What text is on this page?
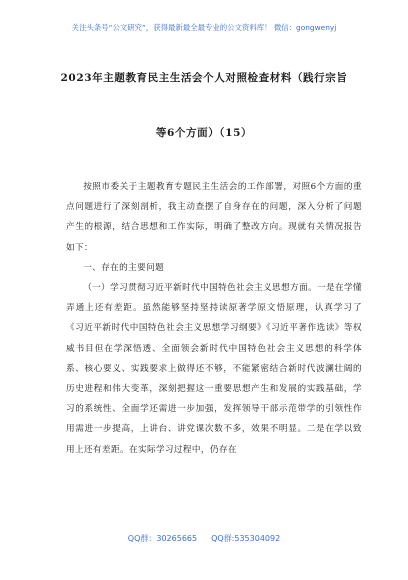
关注头条号“公文研究”，获得最新最全最专业的公文资料库！ 微信：gongwenyj
2023年主题教育民主生活会个人对照检查材料（践行宗旨
等6个方面）（15）

按照市委关于主题教育专题民主生活会的工作部署，对照6个方面的重点问题进行了深刻剖析，我主动查摆了自身存在的问题，深入分析了问题产生的根源，结合思想和工作实际，明确了整改方向。现就有关情况报告如下：

一、存在的主要问题

（一）学习贯彻习近平新时代中国特色社会主义思想方面。一是在学懂弄通上还有差距。虽然能够坚持坚持读原著学原文悟原理，认真学习了《习近平新时代中国特色社会主义思想学习纲要》《习近平著作选读》等权威书目但在学深悟透、全面领会新时代中国特色社会主义思想的科学体系、核心要义、实践要求上做得还不够，不能紧密结合新时代波澜壮阔的历史进程和伟大变革，深刻把握这一重要思想产生和发展的实践基础，学习的系统性、全面学还需进一步加强，发挥领导干部示范带学的引领性作用需进一步提高，上讲台、讲党课次数不多，效果不明显。二是在学以致用上还有差距。在实际学习过程中，仍存在

QQ群：30265665 QQ群:535304092
